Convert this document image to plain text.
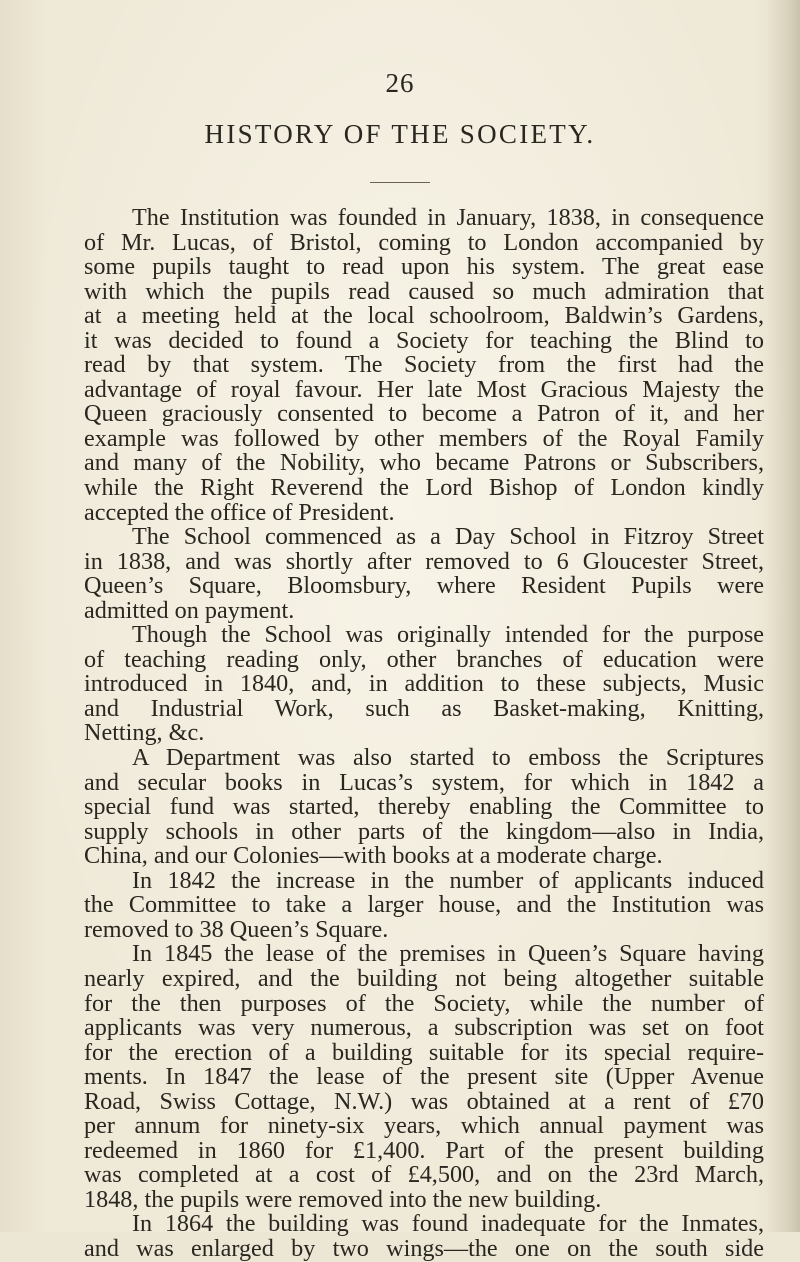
26
HISTORY OF THE SOCIETY.
The Institution was founded in January, 1838, in consequence
of Mr. Lucas, of Bristol, coming to London accompanied by
some pupils taught to read upon his system. The great ease
with which the pupils read caused so much admiration that
at a meeting held at the local schoolroom, Baldwin’s Gardens,
it was decided to found a Society for teaching the Blind to
read by that system. The Society from the first had the
advantage of royal favour. Her late Most Gracious Majesty the
Queen graciously consented to become a Patron of it, and her
example was followed by other members of the Royal Family
and many of the Nobility, who became Patrons or Subscribers,
while the Right Reverend the Lord Bishop of London kindly
accepted the office of President.
The School commenced as a Day School in Fitzroy Street
in 1838, and was shortly after removed to 6 Gloucester Street,
Queen’s Square, Bloomsbury, where Resident Pupils were
admitted on payment.
Though the School was originally intended for the purpose
of teaching reading only, other branches of education were
introduced in 1840, and, in addition to these subjects, Music
and Industrial Work, such as Basket-making, Knitting,
Netting, &c.
A Department was also started to emboss the Scriptures
and secular books in Lucas’s system, for which in 1842 a
special fund was started, thereby enabling the Committee to
supply schools in other parts of the kingdom—also in India,
China, and our Colonies—with books at a moderate charge.
In 1842 the increase in the number of applicants induced
the Committee to take a larger house, and the Institution was
removed to 38 Queen’s Square.
In 1845 the lease of the premises in Queen’s Square having
nearly expired, and the building not being altogether suitable
for the then purposes of the Society, while the number of
applicants was very numerous, a subscription was set on foot
for the erection of a building suitable for its special require-
ments. In 1847 the lease of the present site (Upper Avenue
Road, Swiss Cottage, N.W.) was obtained at a rent of £70
per annum for ninety-six years, which annual payment was
redeemed in 1860 for £1,400. Part of the present building
was completed at a cost of £4,500, and on the 23rd March,
1848, the pupils were removed into the new building.
In 1864 the building was found inadequate for the Inmates,
and was enlarged by two wings—the one on the south side
